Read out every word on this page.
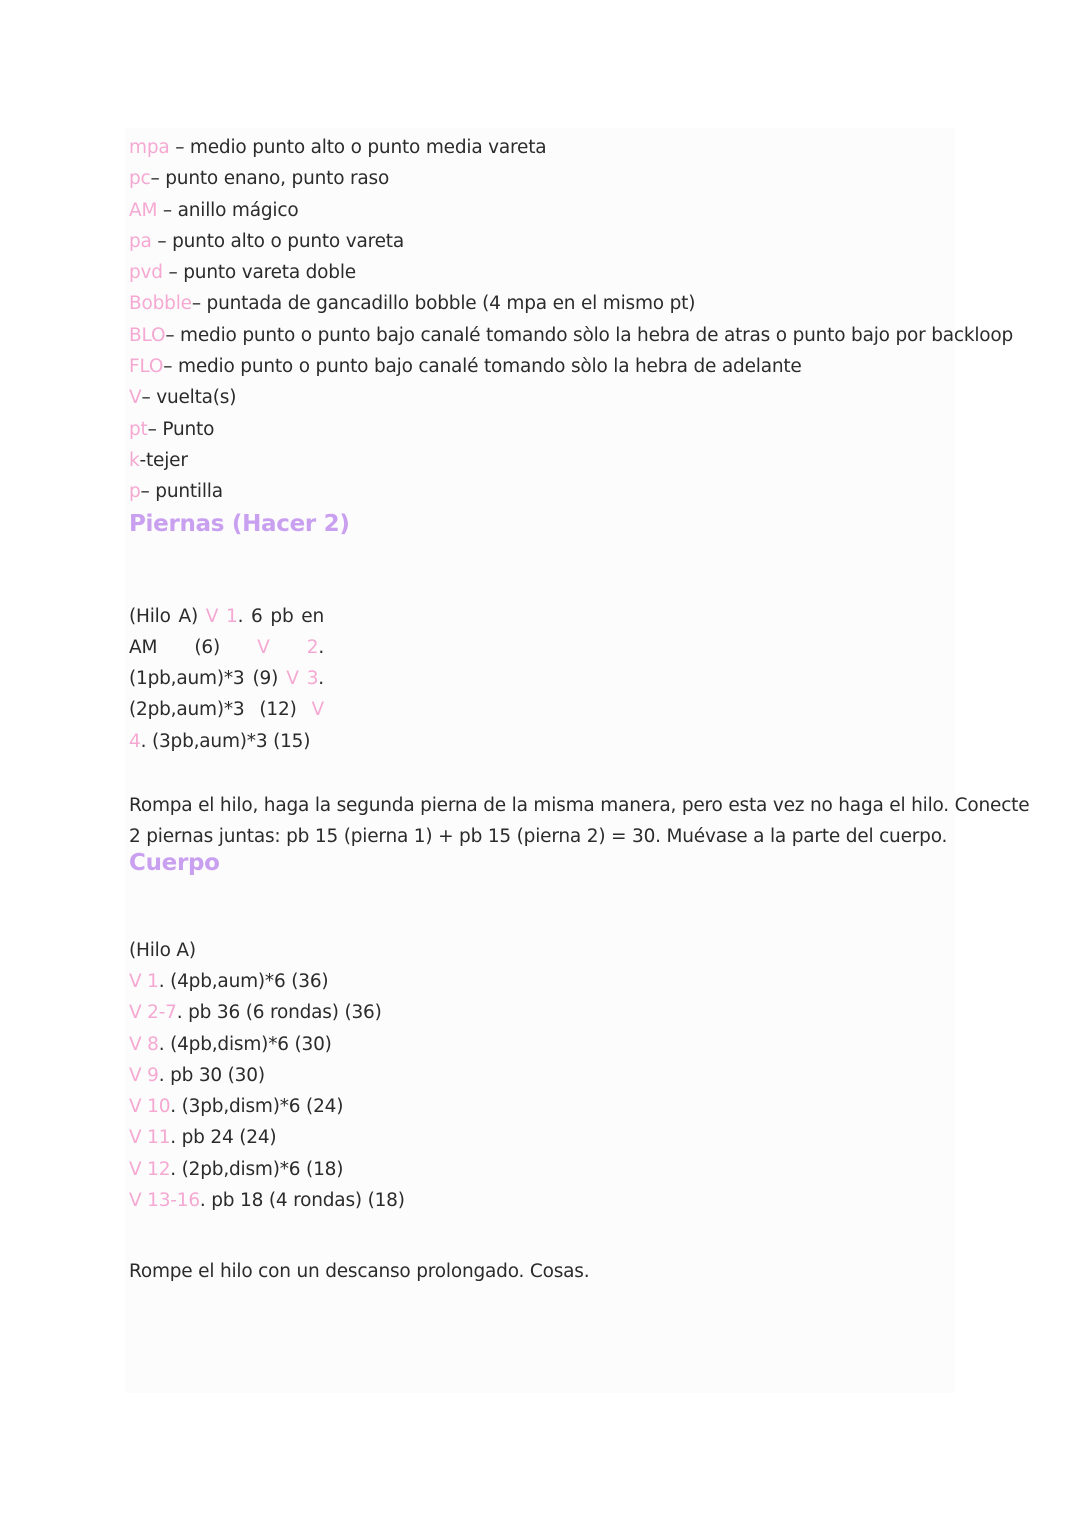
mpa – medio punto alto o punto media vareta
pc– punto enano, punto raso
AM – anillo mágico
pa – punto alto o punto vareta
pvd – punto vareta doble
Bobble– puntada de gancadillo bobble (4 mpa en el mismo pt)
BLO– medio punto o punto bajo canalé tomando sòlo la hebra de atras o punto bajo por backloop
FLO– medio punto o punto bajo canalé tomando sòlo la hebra de adelante
V– vuelta(s)
pt– Punto
k-tejer
p– puntilla
Piernas (Hacer 2)
(Hilo A) V 1. 6 pb en
AM (6) V 2.
(1pb,aum)*3 (9) V 3.
(2pb,aum)*3 (12) V
4. (3pb,aum)*3 (15)
Rompa el hilo, haga la segunda pierna de la misma manera, pero esta vez no haga el hilo. Conecte
2 piernas juntas: pb 15 (pierna 1) + pb 15 (pierna 2) = 30. Muévase a la parte del cuerpo.
Cuerpo
(Hilo A)
V 1. (4pb,aum)*6 (36)
V 2-7. pb 36 (6 rondas) (36)
V 8. (4pb,dism)*6 (30)
V 9. pb 30 (30)
V 10. (3pb,dism)*6 (24)
V 11. pb 24 (24)
V 12. (2pb,dism)*6 (18)
V 13-16. pb 18 (4 rondas) (18)
Rompe el hilo con un descanso prolongado. Cosas.
